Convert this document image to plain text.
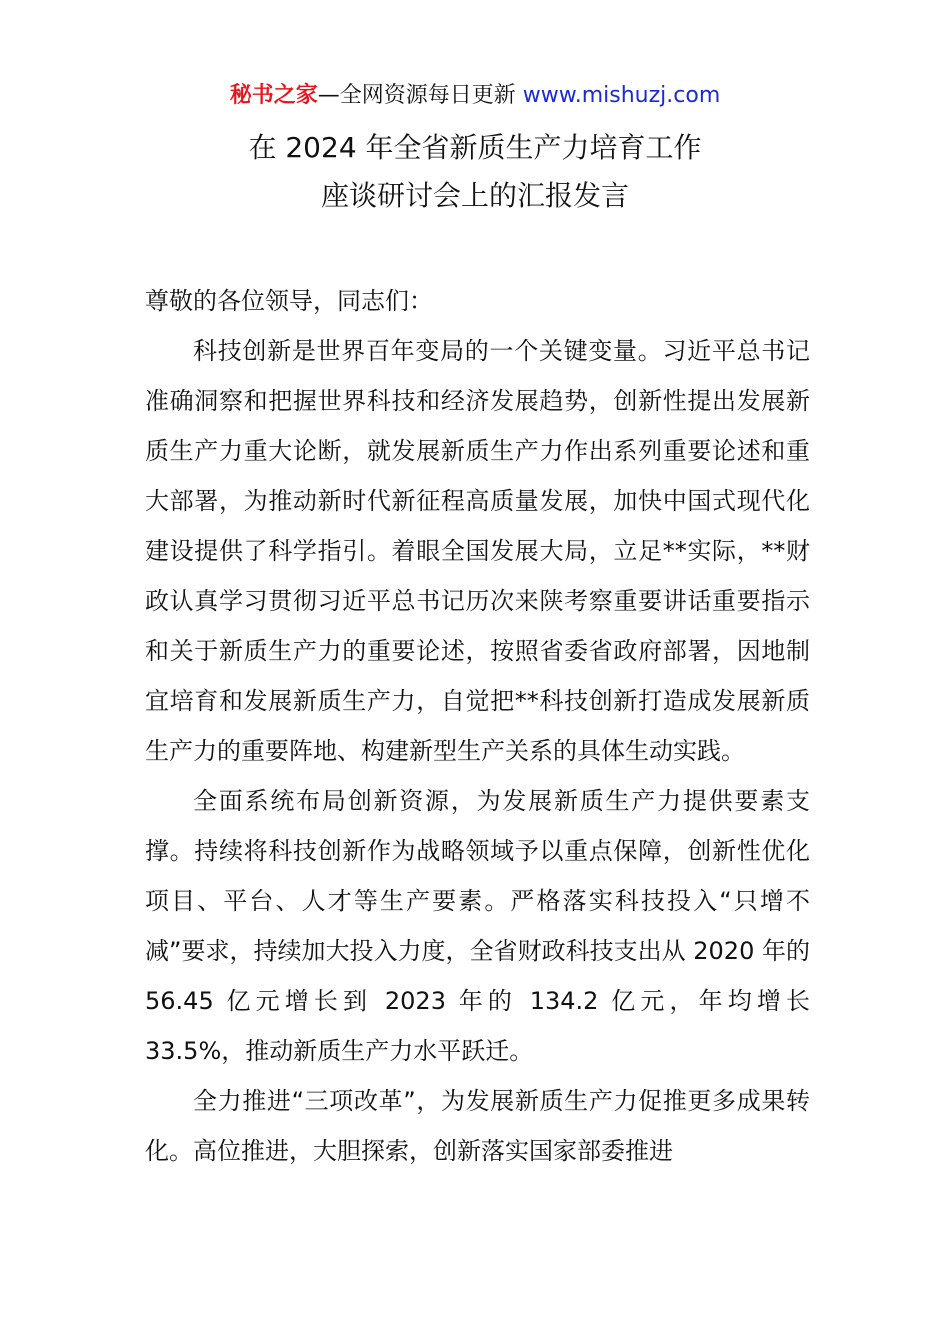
秘书之家—全网资源每日更新 www.mishuzj.com
在 2024 年全省新质生产力培育工作
座谈研讨会上的汇报发言

尊敬的各位领导，同志们：

科技创新是世界百年变局的一个关键变量。习近平总书记准确洞察和把握世界科技和经济发展趋势，创新性提出发展新质生产力重大论断，就发展新质生产力作出系列重要论述和重大部署，为推动新时代新征程高质量发展，加快中国式现代化建设提供了科学指引。着眼全国发展大局，立足**实际，**财政认真学习贯彻习近平总书记历次来陕考察重要讲话重要指示和关于新质生产力的重要论述，按照省委省政府部署，因地制宜培育和发展新质生产力，自觉把**科技创新打造成发展新质生产力的重要阵地、构建新型生产关系的具体生动实践。

全面系统布局创新资源，为发展新质生产力提供要素支撑。持续将科技创新作为战略领域予以重点保障，创新性优化项目、平台、人才等生产要素。严格落实科技投入“只增不减”要求，持续加大投入力度，全省财政科技支出从 2020 年的 56.45 亿元增长到 2023 年的 134.2 亿元，年均增长 33.5%，推动新质生产力水平跃迁。

全力推进“三项改革”，为发展新质生产力促推更多成果转化。高位推进，大胆探索，创新落实国家部委推进
